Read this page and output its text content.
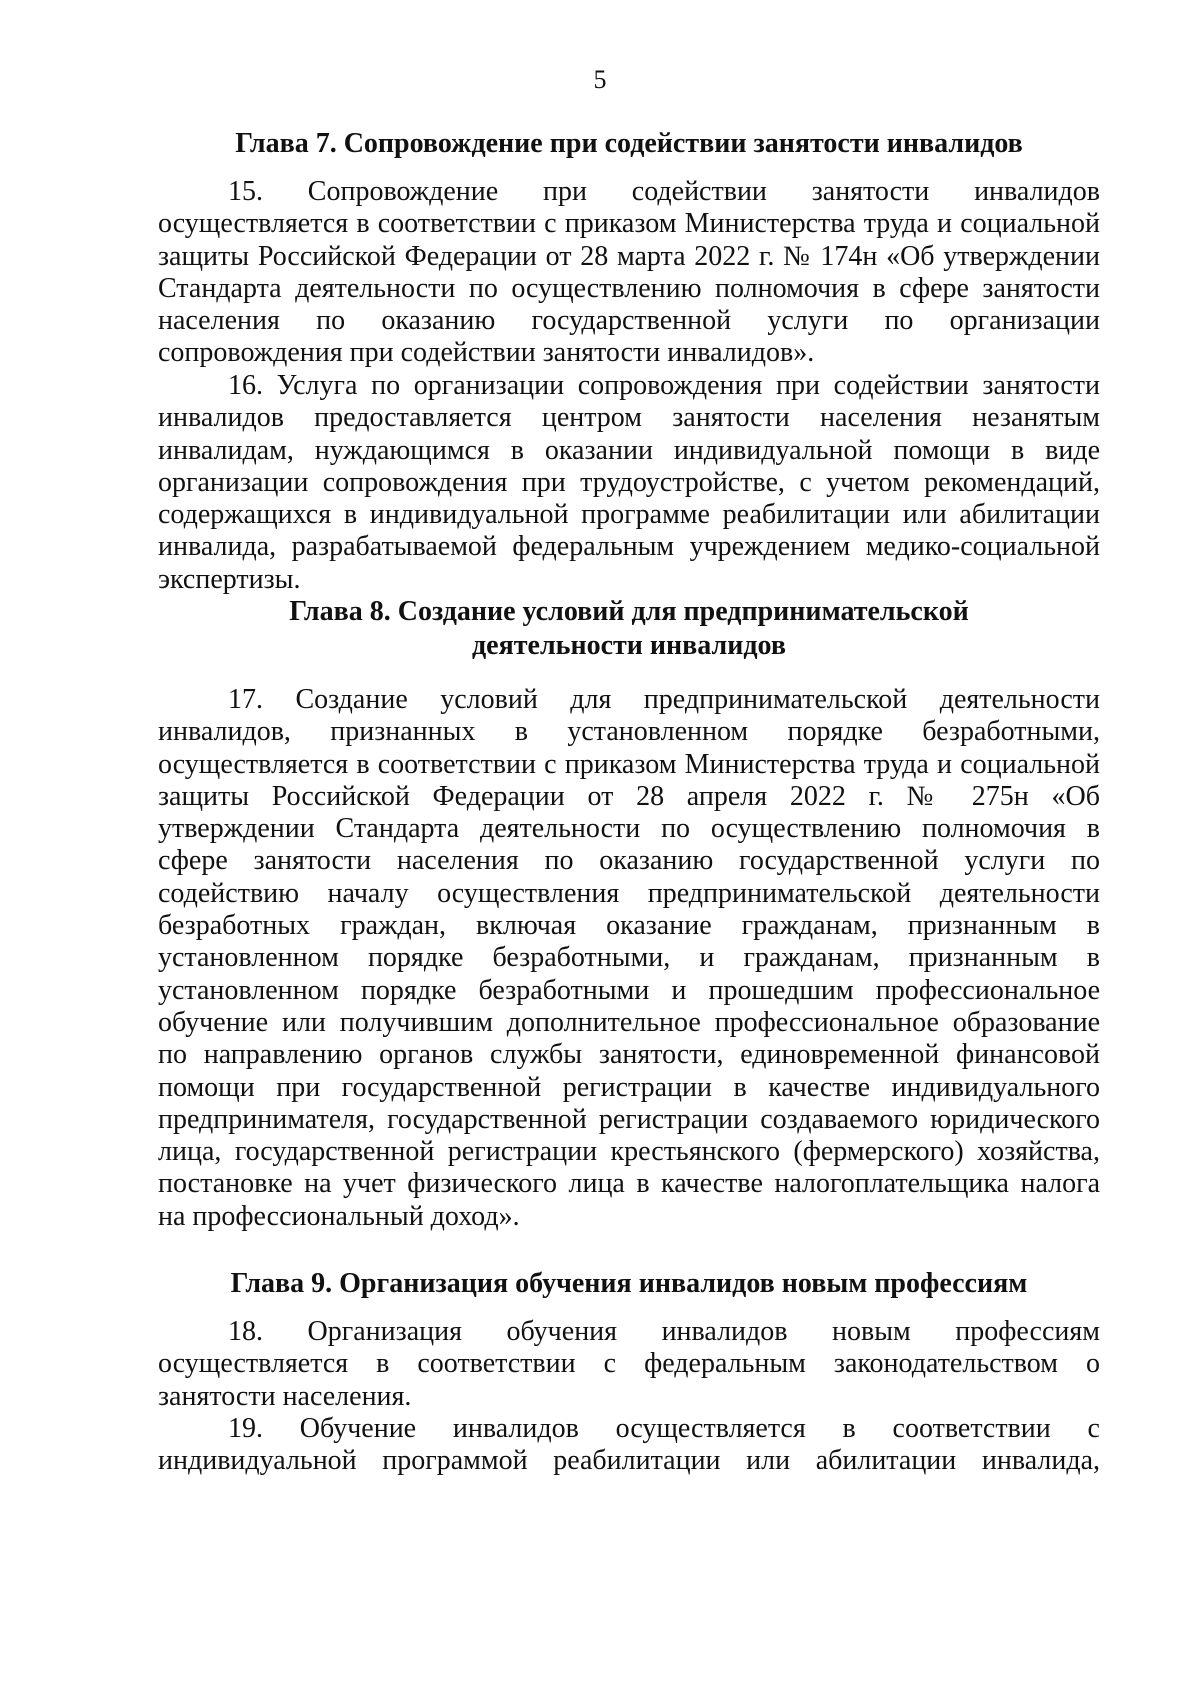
5
Глава 7. Сопровождение при содействии занятости инвалидов
15. Сопровождение при содействии занятости инвалидов
осуществляется в соответствии с приказом Министерства труда и социальной
защиты Российской Федерации от 28 марта 2022 г. № 174н «Об утверждении
Стандарта деятельности по осуществлению полномочия в сфере занятости
населения по оказанию государственной услуги по организации
сопровождения при содействии занятости инвалидов».
16. Услуга по организации сопровождения при содействии занятости
инвалидов предоставляется центром занятости населения незанятым
инвалидам, нуждающимся в оказании индивидуальной помощи в виде
организации сопровождения при трудоустройстве, с учетом рекомендаций,
содержащихся в индивидуальной программе реабилитации или абилитации
инвалида, разрабатываемой федеральным учреждением медико-социальной
экспертизы.
Глава 8. Создание условий для предпринимательской
деятельности инвалидов
17. Создание условий для предпринимательской деятельности
инвалидов, признанных в установленном порядке безработными,
осуществляется в соответствии с приказом Министерства труда и социальной
защиты Российской Федерации от 28 апреля 2022 г. № 275н «Об
утверждении Стандарта деятельности по осуществлению полномочия в
сфере занятости населения по оказанию государственной услуги по
содействию началу осуществления предпринимательской деятельности
безработных граждан, включая оказание гражданам, признанным в
установленном порядке безработными, и гражданам, признанным в
установленном порядке безработными и прошедшим профессиональное
обучение или получившим дополнительное профессиональное образование
по направлению органов службы занятости, единовременной финансовой
помощи при государственной регистрации в качестве индивидуального
предпринимателя, государственной регистрации создаваемого юридического
лица, государственной регистрации крестьянского (фермерского) хозяйства,
постановке на учет физического лица в качестве налогоплательщика налога
на профессиональный доход».
Глава 9. Организация обучения инвалидов новым профессиям
18. Организация обучения инвалидов новым профессиям
осуществляется в соответствии с федеральным законодательством о
занятости населения.
19. Обучение инвалидов осуществляется в соответствии с
индивидуальной программой реабилитации или абилитации инвалида,
